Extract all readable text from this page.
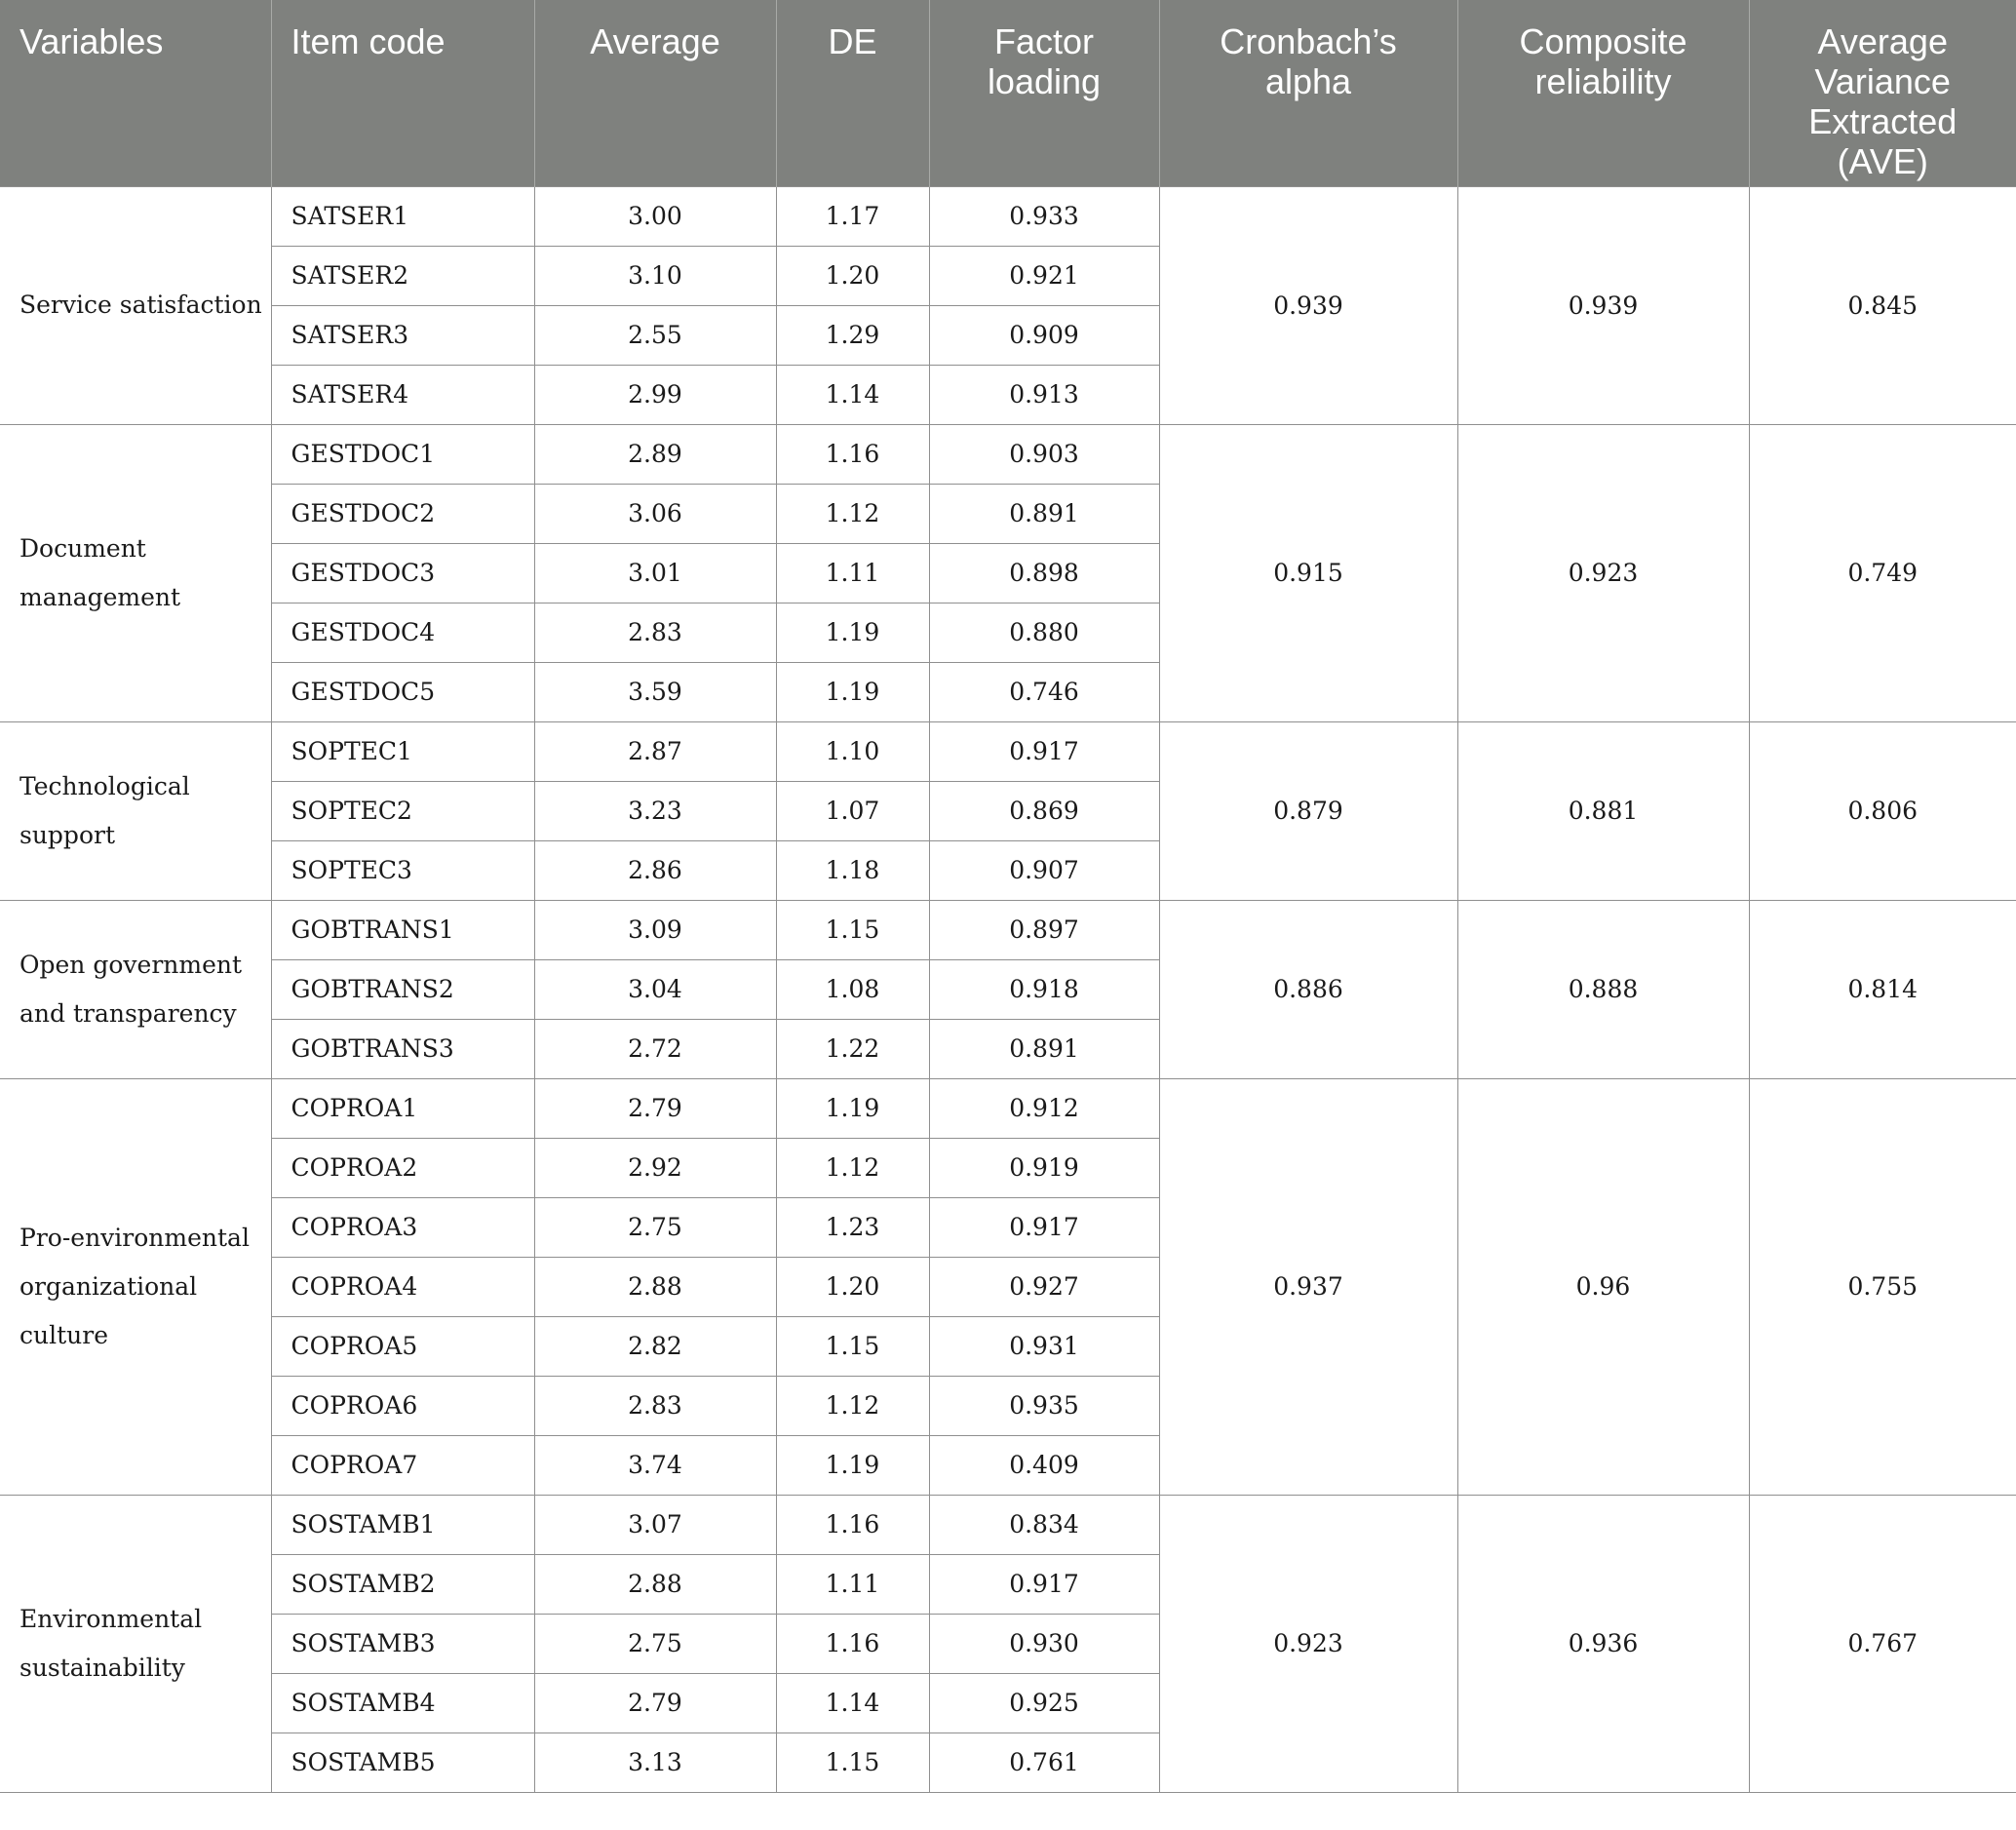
Variables	Item code	Average	DE	Factor loading	Cronbach’s alpha	Composite reliability	Average Variance Extracted (AVE)
Service satisfaction	SATSER1	3.00	1.17	0.933	0.939	0.939	0.845
	SATSER2	3.10	1.20	0.921			
	SATSER3	2.55	1.29	0.909			
	SATSER4	2.99	1.14	0.913			
Document management	GESTDOC1	2.89	1.16	0.903	0.915	0.923	0.749
	GESTDOC2	3.06	1.12	0.891			
	GESTDOC3	3.01	1.11	0.898			
	GESTDOC4	2.83	1.19	0.880			
	GESTDOC5	3.59	1.19	0.746			
Technological support	SOPTEC1	2.87	1.10	0.917	0.879	0.881	0.806
	SOPTEC2	3.23	1.07	0.869			
	SOPTEC3	2.86	1.18	0.907			
Open government and transparency	GOBTRANS1	3.09	1.15	0.897	0.886	0.888	0.814
	GOBTRANS2	3.04	1.08	0.918			
	GOBTRANS3	2.72	1.22	0.891			
Pro-environmental organizational culture	COPROA1	2.79	1.19	0.912	0.937	0.96	0.755
	COPROA2	2.92	1.12	0.919			
	COPROA3	2.75	1.23	0.917			
	COPROA4	2.88	1.20	0.927			
	COPROA5	2.82	1.15	0.931			
	COPROA6	2.83	1.12	0.935			
	COPROA7	3.74	1.19	0.409			
Environmental sustainability	SOSTAMB1	3.07	1.16	0.834	0.923	0.936	0.767
	SOSTAMB2	2.88	1.11	0.917			
	SOSTAMB3	2.75	1.16	0.930			
	SOSTAMB4	2.79	1.14	0.925			
	SOSTAMB5	3.13	1.15	0.761			
